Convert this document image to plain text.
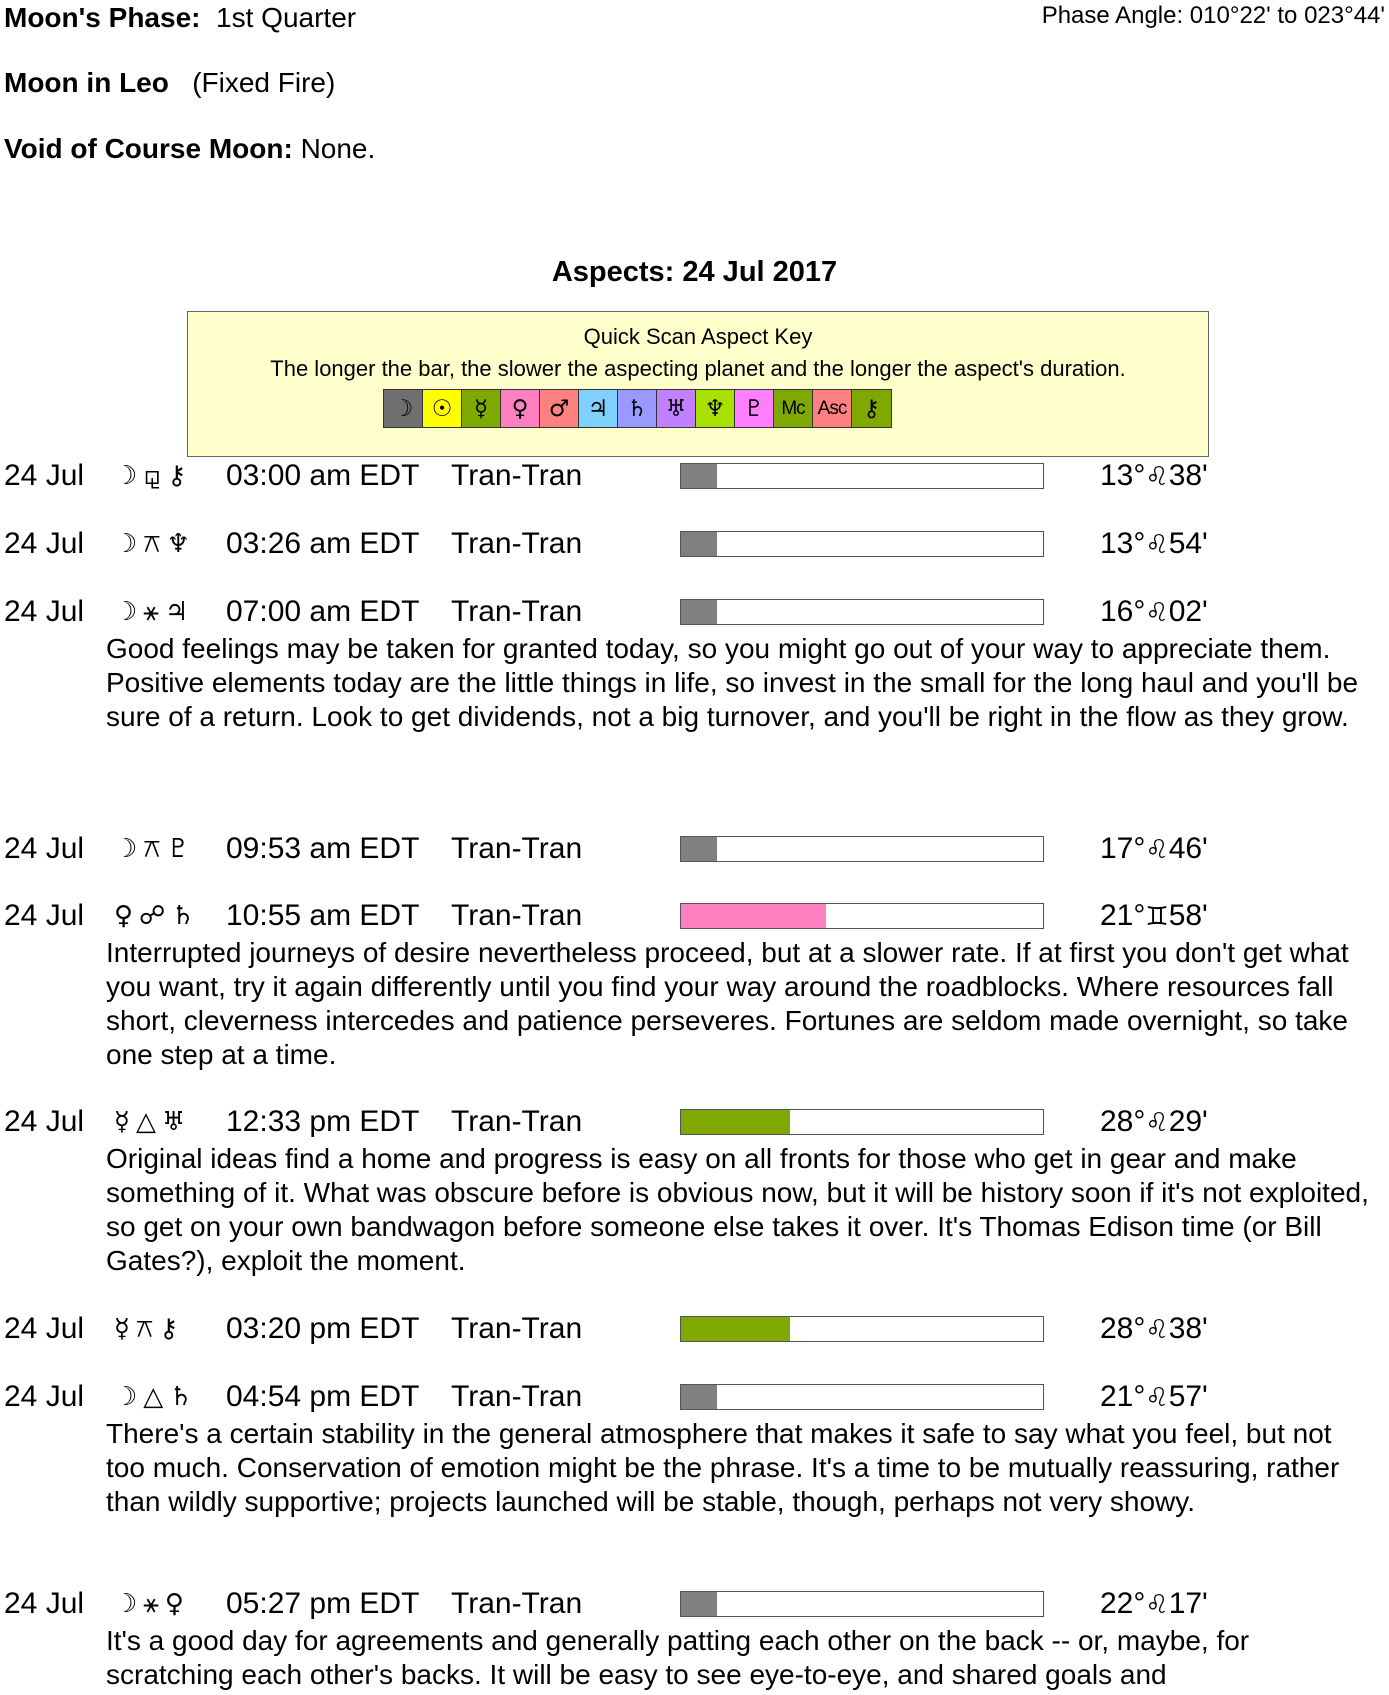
Moon's Phase: 1st Quarter	Phase Angle: 010°22' to 023°44'
Moon in Leo (Fixed Fire)
Void of Course Moon: None.
Aspects: 24 Jul 2017
Quick Scan Aspect Key
The longer the bar, the slower the aspecting planet and the longer the aspect's duration.
☽ ☉ ☿	♀ ♂ ♃ ♄ ♅ ♆ ♇ Mc Asc ⚷
24 Jul ☽⚼⚷ 03:00 am EDT Tran-Tran	13°♌38'
24 Jul ☽⚻♆ 03:26 am EDT Tran-Tran	13°♌54'
24 Jul ☽⚹♃ 07:00 am EDT Tran-Tran	16°♌02'
Good feelings may be taken for granted today, so you might go out of your way to appreciate them. Positive elements today are the little things in life, so invest in the small for the long haul and you'll be sure of a return. Look to get dividends, not a big turnover, and you'll be right in the flow as they grow.
24 Jul ☽⚻♇ 09:53 am EDT Tran-Tran	17°♌46'
24 Jul ♀☍♄ 10:55 am EDT Tran-Tran	21°♊58'
Interrupted journeys of desire nevertheless proceed, but at a slower rate. If at first you don't get what you want, try it again differently until you find your way around the roadblocks. Where resources fall short, cleverness intercedes and patience perseveres. Fortunes are seldom made overnight, so take one step at a time.
24 Jul ☿△♅ 12:33 pm EDT Tran-Tran	28°♌29'
Original ideas find a home and progress is easy on all fronts for those who get in gear and make something of it. What was obscure before is obvious now, but it will be history soon if it's not exploited, so get on your own bandwagon before someone else takes it over. It's Thomas Edison time (or Bill Gates?), exploit the moment.
24 Jul ☿⚻⚷ 03:20 pm EDT Tran-Tran	28°♌38'
24 Jul ☽△♄ 04:54 pm EDT Tran-Tran	21°♌57'
There's a certain stability in the general atmosphere that makes it safe to say what you feel, but not too much. Conservation of emotion might be the phrase. It's a time to be mutually reassuring, rather than wildly supportive; projects launched will be stable, though, perhaps not very showy.
24 Jul ☽⚹♀ 05:27 pm EDT Tran-Tran	22°♌17'
It's a good day for agreements and generally patting each other on the back -- or, maybe, for scratching each other's backs. It will be easy to see eye-to-eye, and shared goals and
